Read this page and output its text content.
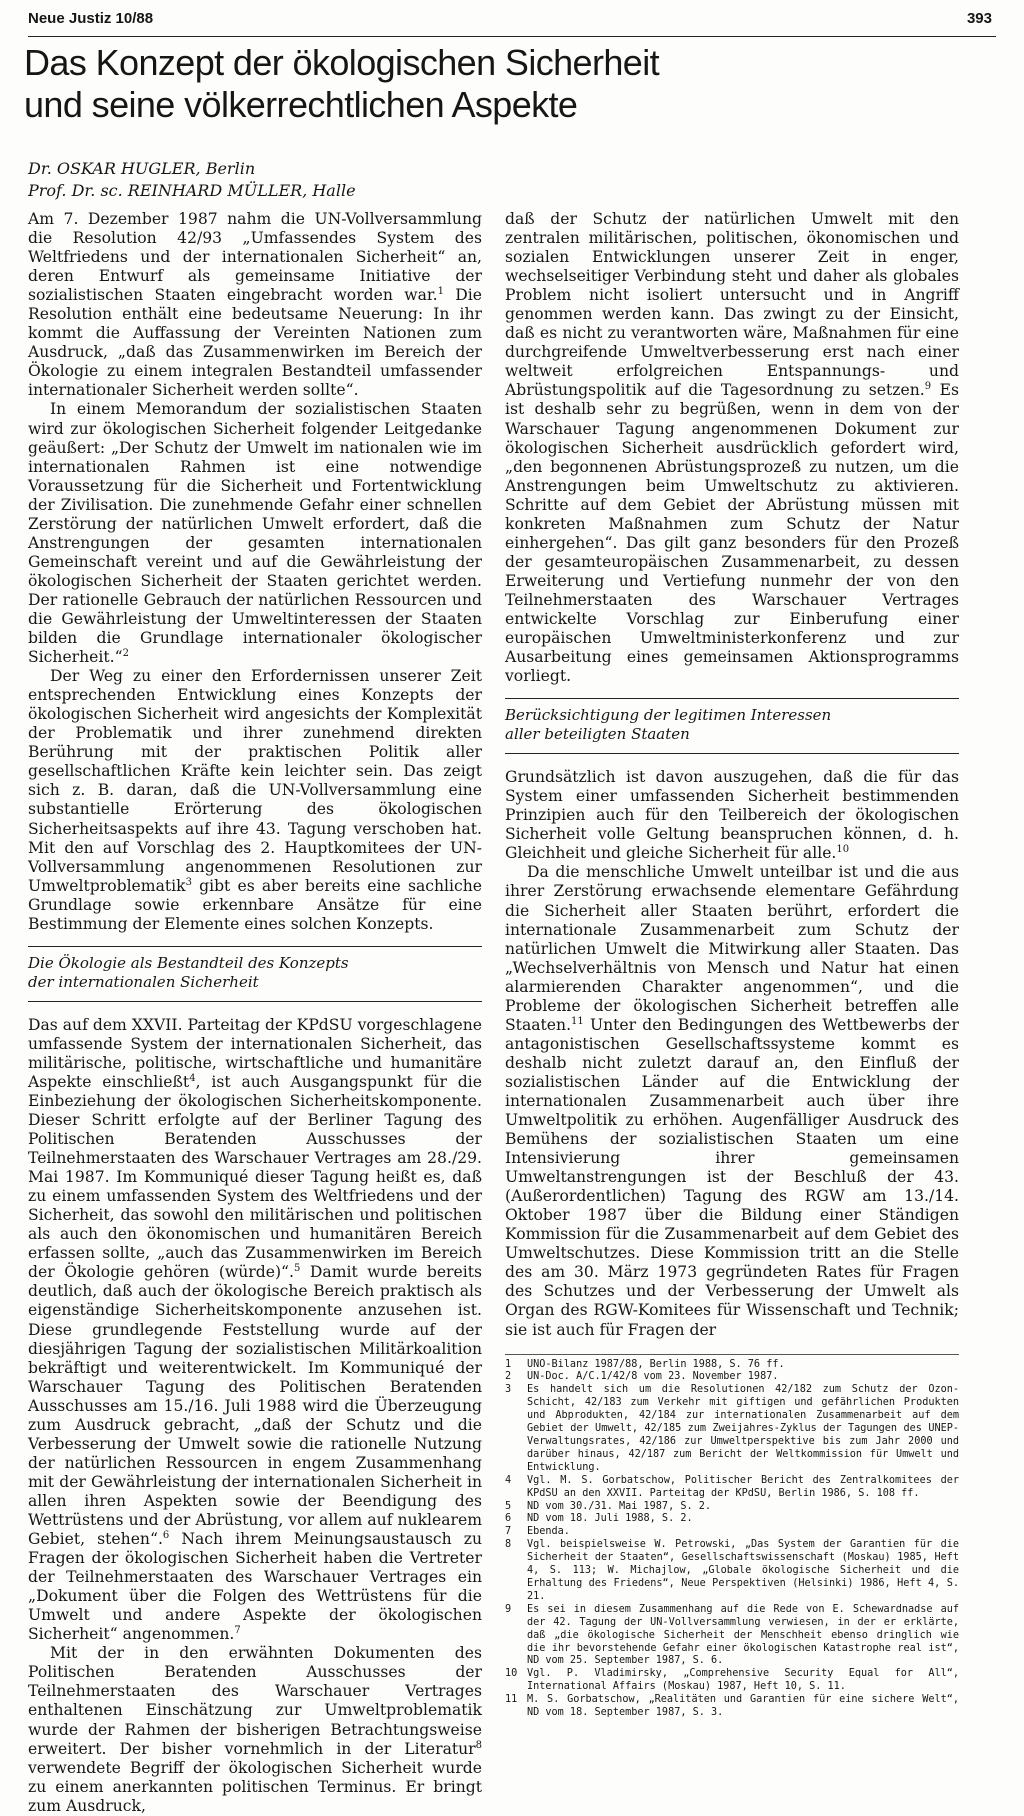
Neue Justiz 10/88	393
Das Konzept der ökologischen Sicherheit
und seine völkerrechtlichen Aspekte
Dr. OSKAR HUGLER, Berlin
Prof. Dr. sc. REINHARD MÜLLER, Halle

Am 7. Dezember 1987 nahm die UN-Vollversammlung die Resolution 42/93 „Umfassendes System des Weltfriedens und der internationalen Sicherheit“ an, deren Entwurf als gemeinsame Initiative der sozialistischen Staaten eingebracht worden war.$^1$ Die Resolution enthält eine bedeutsame Neuerung: In ihr kommt die Auffassung der Vereinten Nationen zum Ausdruck, „daß das Zusammenwirken im Bereich der Ökologie zu einem integralen Bestandteil umfassender internationaler Sicherheit werden sollte“.

In einem Memorandum der sozialistischen Staaten wird zur ökologischen Sicherheit folgender Leitgedanke geäußert: „Der Schutz der Umwelt im nationalen wie im internationalen Rahmen ist eine notwendige Voraussetzung für die Sicherheit und Fortentwicklung der Zivilisation. Die zunehmende Gefahr einer schnellen Zerstörung der natürlichen Umwelt erfordert, daß die Anstrengungen der gesamten internationalen Gemeinschaft vereint und auf die Gewährleistung der ökologischen Sicherheit der Staaten gerichtet werden. Der rationelle Gebrauch der natürlichen Ressourcen und die Gewährleistung der Umweltinteressen der Staaten bilden die Grundlage internationaler ökologischer Sicherheit.“$^2$

Der Weg zu einer den Erfordernissen unserer Zeit entsprechenden Entwicklung eines Konzepts der ökologischen Sicherheit wird angesichts der Komplexität der Problematik und ihrer zunehmend direkten Berührung mit der praktischen Politik aller gesellschaftlichen Kräfte kein leichter sein. Das zeigt sich z. B. daran, daß die UN-Vollversammlung eine substantielle Erörterung des ökologischen Sicherheitsaspekts auf ihre 43. Tagung verschoben hat. Mit den auf Vorschlag des 2. Hauptkomitees der UN-Vollversammlung angenommenen Resolutionen zur Umweltproblematik$^3$ gibt es aber bereits eine sachliche Grundlage sowie erkennbare Ansätze für eine Bestimmung der Elemente eines solchen Konzepts.

Die Ökologie als Bestandteil des Konzepts
der internationalen Sicherheit

Das auf dem XXVII. Parteitag der KPdSU vorgeschlagene umfassende System der internationalen Sicherheit, das militärische, politische, wirtschaftliche und humanitäre Aspekte einschließt$^4$, ist auch Ausgangspunkt für die Einbeziehung der ökologischen Sicherheitskomponente. Dieser Schritt erfolgte auf der Berliner Tagung des Politischen Beratenden Ausschusses der Teilnehmerstaaten des Warschauer Vertrages am 28./29. Mai 1987. Im Kommuniqué dieser Tagung heißt es, daß zu einem umfassenden System des Weltfriedens und der Sicherheit, das sowohl den militärischen und politischen als auch den ökonomischen und humanitären Bereich erfassen sollte, „auch das Zusammenwirken im Bereich der Ökologie gehören (würde)“.$^5$ Damit wurde bereits deutlich, daß auch der ökologische Bereich praktisch als eigenständige Sicherheitskomponente anzusehen ist. Diese grundlegende Feststellung wurde auf der diesjährigen Tagung der sozialistischen Militärkoalition bekräftigt und weiterentwickelt. Im Kommuniqué der Warschauer Tagung des Politischen Beratenden Ausschusses am 15./16. Juli 1988 wird die Überzeugung zum Ausdruck gebracht, „daß der Schutz und die Verbesserung der Umwelt sowie die rationelle Nutzung der natürlichen Ressourcen in engem Zusammenhang mit der Gewährleistung der internationalen Sicherheit in allen ihren Aspekten sowie der Beendigung des Wettrüstens und der Abrüstung, vor allem auf nuklearem Gebiet, stehen“.$^6$ Nach ihrem Meinungsaustausch zu Fragen der ökologischen Sicherheit haben die Vertreter der Teilnehmerstaaten des Warschauer Vertrages ein „Dokument über die Folgen des Wettrüstens für die Umwelt und andere Aspekte der ökologischen Sicherheit“ angenommen.$^7$

Mit der in den erwähnten Dokumenten des Politischen Beratenden Ausschusses der Teilnehmerstaaten des Warschauer Vertrages enthaltenen Einschätzung zur Umweltproblematik wurde der Rahmen der bisherigen Betrachtungsweise erweitert. Der bisher vornehmlich in der Literatur$^8$ verwendete Begriff der ökologischen Sicherheit wurde zu einem anerkannten politischen Terminus. Er bringt zum Ausdruck,

daß der Schutz der natürlichen Umwelt mit den zentralen militärischen, politischen, ökonomischen und sozialen Entwicklungen unserer Zeit in enger, wechselseitiger Verbindung steht und daher als globales Problem nicht isoliert untersucht und in Angriff genommen werden kann. Das zwingt zu der Einsicht, daß es nicht zu verantworten wäre, Maßnahmen für eine durchgreifende Umweltverbesserung erst nach einer weltweit erfolgreichen Entspannungs- und Abrüstungspolitik auf die Tagesordnung zu setzen.$^9$ Es ist deshalb sehr zu begrüßen, wenn in dem von der Warschauer Tagung angenommenen Dokument zur ökologischen Sicherheit ausdrücklich gefordert wird, „den begonnenen Abrüstungsprozeß zu nutzen, um die Anstrengungen beim Umweltschutz zu aktivieren. Schritte auf dem Gebiet der Abrüstung müssen mit konkreten Maßnahmen zum Schutz der Natur einhergehen“. Das gilt ganz besonders für den Prozeß der gesamteuropäischen Zusammenarbeit, zu dessen Erweiterung und Vertiefung nunmehr der von den Teilnehmerstaaten des Warschauer Vertrages entwickelte Vorschlag zur Einberufung einer europäischen Umweltministerkonferenz und zur Ausarbeitung eines gemeinsamen Aktionsprogramms vorliegt.

Berücksichtigung der legitimen Interessen
aller beteiligten Staaten

Grundsätzlich ist davon auszugehen, daß die für das System einer umfassenden Sicherheit bestimmenden Prinzipien auch für den Teilbereich der ökologischen Sicherheit volle Geltung beanspruchen können, d. h. Gleichheit und gleiche Sicherheit für alle.$^{10}$

Da die menschliche Umwelt unteilbar ist und die aus ihrer Zerstörung erwachsende elementare Gefährdung die Sicherheit aller Staaten berührt, erfordert die internationale Zusammenarbeit zum Schutz der natürlichen Umwelt die Mitwirkung aller Staaten. Das „Wechselverhältnis von Mensch und Natur hat einen alarmierenden Charakter angenommen“, und die Probleme der ökologischen Sicherheit betreffen alle Staaten.$^{11}$ Unter den Bedingungen des Wettbewerbs der antagonistischen Gesellschaftssysteme kommt es deshalb nicht zuletzt darauf an, den Einfluß der sozialistischen Länder auf die Entwicklung der internationalen Zusammenarbeit auch über ihre Umweltpolitik zu erhöhen. Augenfälliger Ausdruck des Bemühens der sozialistischen Staaten um eine Intensivierung ihrer gemeinsamen Umweltanstrengungen ist der Beschluß der 43. (Außerordentlichen) Tagung des RGW am 13./14. Oktober 1987 über die Bildung einer Ständigen Kommission für die Zusammenarbeit auf dem Gebiet des Umweltschutzes. Diese Kommission tritt an die Stelle des am 30. März 1973 gegründeten Rates für Fragen des Schutzes und der Verbesserung der Umwelt als Organ des RGW-Komitees für Wissenschaft und Technik; sie ist auch für Fragen der

1	UNO-Bilanz 1987/88, Berlin 1988, S. 76 ff.
2	UN-Doc. A/C.1/42/8 vom 23. November 1987.
3	Es handelt sich um die Resolutionen 42/182 zum Schutz der Ozon-Schicht, 42/183 zum Verkehr mit giftigen und gefährlichen Produkten und Abprodukten, 42/184 zur internationalen Zusammenarbeit auf dem Gebiet der Umwelt, 42/185 zum Zweijahres-Zyklus der Tagungen des UNEP-Verwaltungsrates, 42/186 zur Umweltperspektive bis zum Jahr 2000 und darüber hinaus, 42/187 zum Bericht der Weltkommission für Umwelt und Entwicklung.
4	Vgl. M. S. Gorbatschow, Politischer Bericht des Zentralkomitees der KPdSU an den XXVII. Parteitag der KPdSU, Berlin 1986, S. 108 ff.
5	ND vom 30./31. Mai 1987, S. 2.
6	ND vom 18. Juli 1988, S. 2.
7	Ebenda.
8	Vgl. beispielsweise W. Petrowski, „Das System der Garantien für die Sicherheit der Staaten“, Gesellschaftswissenschaft (Moskau) 1985, Heft 4, S. 113; W. Michajlow, „Globale ökologische Sicherheit und die Erhaltung des Friedens“, Neue Perspektiven (Helsinki) 1986, Heft 4, S. 21.
9	Es sei in diesem Zusammenhang auf die Rede von E. Schewardnadse auf der 42. Tagung der UN-Vollversammlung verwiesen, in der er erklärte, daß „die ökologische Sicherheit der Menschheit ebenso dringlich wie die ihr bevorstehende Gefahr einer ökologischen Katastrophe real ist“, ND vom 25. September 1987, S. 6.
10 Vgl. P. Vladimirsky, „Comprehensive Security Equal for All“, International Affairs (Moskau) 1987, Heft 10, S. 11.
11 M. S. Gorbatschow, „Realitäten und Garantien für eine sichere Welt“, ND vom 18. September 1987, S. 3.
